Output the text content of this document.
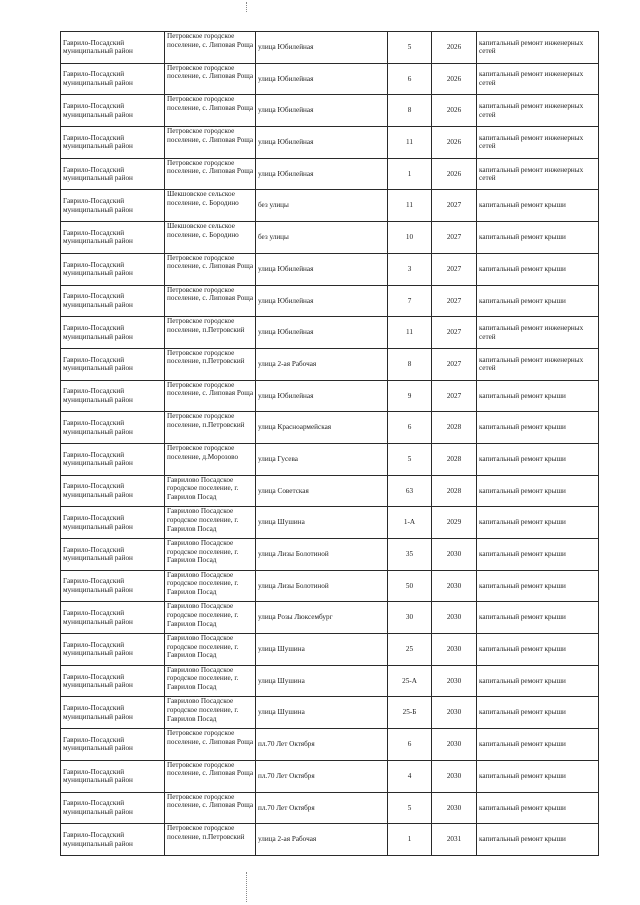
Гаврило-Посадский муниципальный район	Петровское городское поселение, с. Липовая Роща	улица Юбилейная	5	2026	капитальный ремонт инженерных сетей
Гаврило-Посадский муниципальный район	Петровское городское поселение, с. Липовая Роща	улица Юбилейная	6	2026	капитальный ремонт инженерных сетей
Гаврило-Посадский муниципальный район	Петровское городское поселение, с. Липовая Роща	улица Юбилейная	8	2026	капитальный ремонт инженерных сетей
Гаврило-Посадский муниципальный район	Петровское городское поселение, с. Липовая Роща	улица Юбилейная	11	2026	капитальный ремонт инженерных сетей
Гаврило-Посадский муниципальный район	Петровское городское поселение, с. Липовая Роща	улица Юбилейная	1	2026	капитальный ремонт инженерных сетей
Гаврило-Посадский муниципальный район	Шекшовское сельское поселение, с. Бородино	без улицы	11	2027	капитальный ремонт крыши
Гаврило-Посадский муниципальный район	Шекшовское сельское поселение, с. Бородино	без улицы	10	2027	капитальный ремонт крыши
Гаврило-Посадский муниципальный район	Петровское городское поселение, с. Липовая Роща	улица Юбилейная	3	2027	капитальный ремонт крыши
Гаврило-Посадский муниципальный район	Петровское городское поселение, с. Липовая Роща	улица Юбилейная	7	2027	капитальный ремонт крыши
Гаврило-Посадский муниципальный район	Петровское городское поселение, п.Петровский	улица Юбилейная	11	2027	капитальный ремонт инженерных сетей
Гаврило-Посадский муниципальный район	Петровское городское поселение, п.Петровский	улица 2-ая Рабочая	8	2027	капитальный ремонт инженерных сетей
Гаврило-Посадский муниципальный район	Петровское городское поселение, с. Липовая Роща	улица Юбилейная	9	2027	капитальный ремонт крыши
Гаврило-Посадский муниципальный район	Петровское городское поселение, п.Петровский	улица Красноармейская	6	2028	капитальный ремонт крыши
Гаврило-Посадский муниципальный район	Петровское городское поселение, д.Морозово	улица Гусева	5	2028	капитальный ремонт крыши
Гаврило-Посадский муниципальный район	Гаврилово Посадское городское поселение, г. Гаврилов Посад	улица Советская	63	2028	капитальный ремонт крыши
Гаврило-Посадский муниципальный район	Гаврилово Посадское городское поселение, г. Гаврилов Посад	улица Шушина	1-А	2029	капитальный ремонт крыши
Гаврило-Посадский муниципальный район	Гаврилово Посадское городское поселение, г. Гаврилов Посад	улица Лизы Болотиной	35	2030	капитальный ремонт крыши
Гаврило-Посадский муниципальный район	Гаврилово Посадское городское поселение, г. Гаврилов Посад	улица Лизы Болотиной	50	2030	капитальный ремонт крыши
Гаврило-Посадский муниципальный район	Гаврилово Посадское городское поселение, г. Гаврилов Посад	улица Розы Люксембург	30	2030	капитальный ремонт крыши
Гаврило-Посадский муниципальный район	Гаврилово Посадское городское поселение, г. Гаврилов Посад	улица Шушина	25	2030	капитальный ремонт крыши
Гаврило-Посадский муниципальный район	Гаврилово Посадское городское поселение, г. Гаврилов Посад	улица Шушина	25-А	2030	капитальный ремонт крыши
Гаврило-Посадский муниципальный район	Гаврилово Посадское городское поселение, г. Гаврилов Посад	улица Шушина	25-Б	2030	капитальный ремонт крыши
Гаврило-Посадский муниципальный район	Петровское городское поселение, с. Липовая Роща	пл.70 Лет Октября	6	2030	капитальный ремонт крыши
Гаврило-Посадский муниципальный район	Петровское городское поселение, с. Липовая Роща	пл.70 Лет Октября	4	2030	капитальный ремонт крыши
Гаврило-Посадский муниципальный район	Петровское городское поселение, с. Липовая Роща	пл.70 Лет Октября	5	2030	капитальный ремонт крыши
Гаврило-Посадский муниципальный район	Петровское городское поселение, п.Петровский	улица 2-ая Рабочая	1	2031	капитальный ремонт крыши
